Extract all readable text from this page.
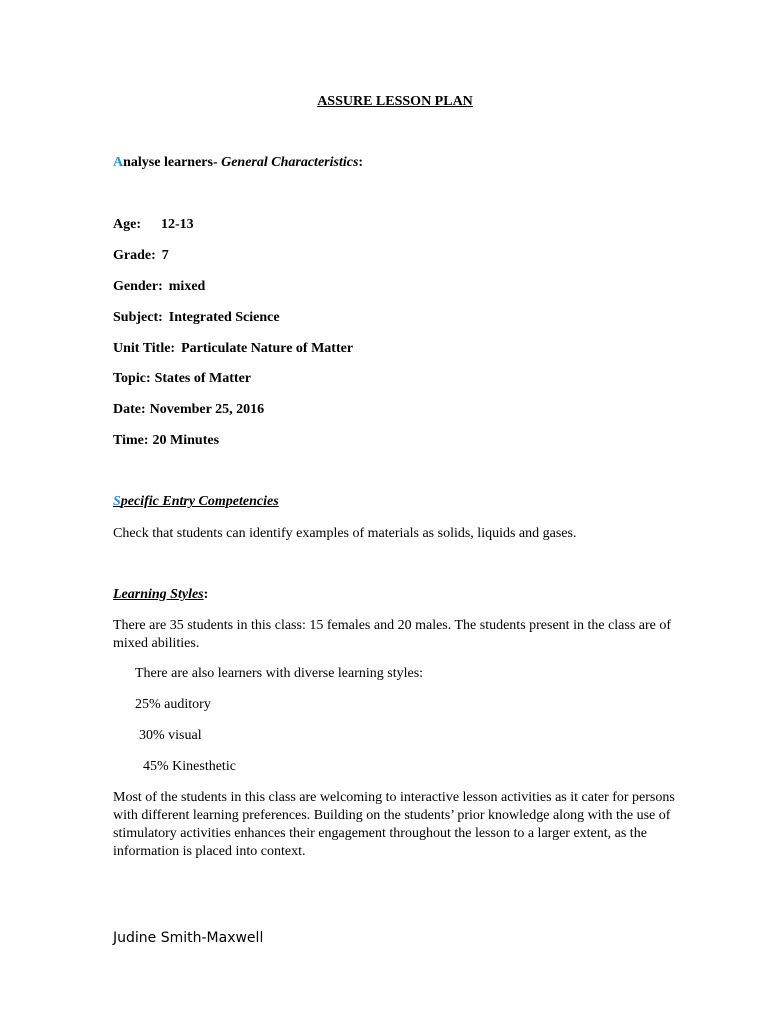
ASSURE LESSON PLAN
Analyse learners- General Characteristics:
Age: 12-13
Grade: 7
Gender: mixed
Subject: Integrated Science
Unit Title: Particulate Nature of Matter
Topic: States of Matter
Date: November 25, 2016
Time: 20 Minutes
Specific Entry Competencies
Check that students can identify examples of materials as solids, liquids and gases.
Learning Styles:
There are 35 students in this class: 15 females and 20 males. The students present in the class are of mixed abilities.
There are also learners with diverse learning styles:
25% auditory
30% visual
45% Kinesthetic
Most of the students in this class are welcoming to interactive lesson activities as it cater for persons with different learning preferences. Building on the students’ prior knowledge along with the use of stimulatory activities enhances their engagement throughout the lesson to a larger extent, as the information is placed into context.
Judine Smith-Maxwell
